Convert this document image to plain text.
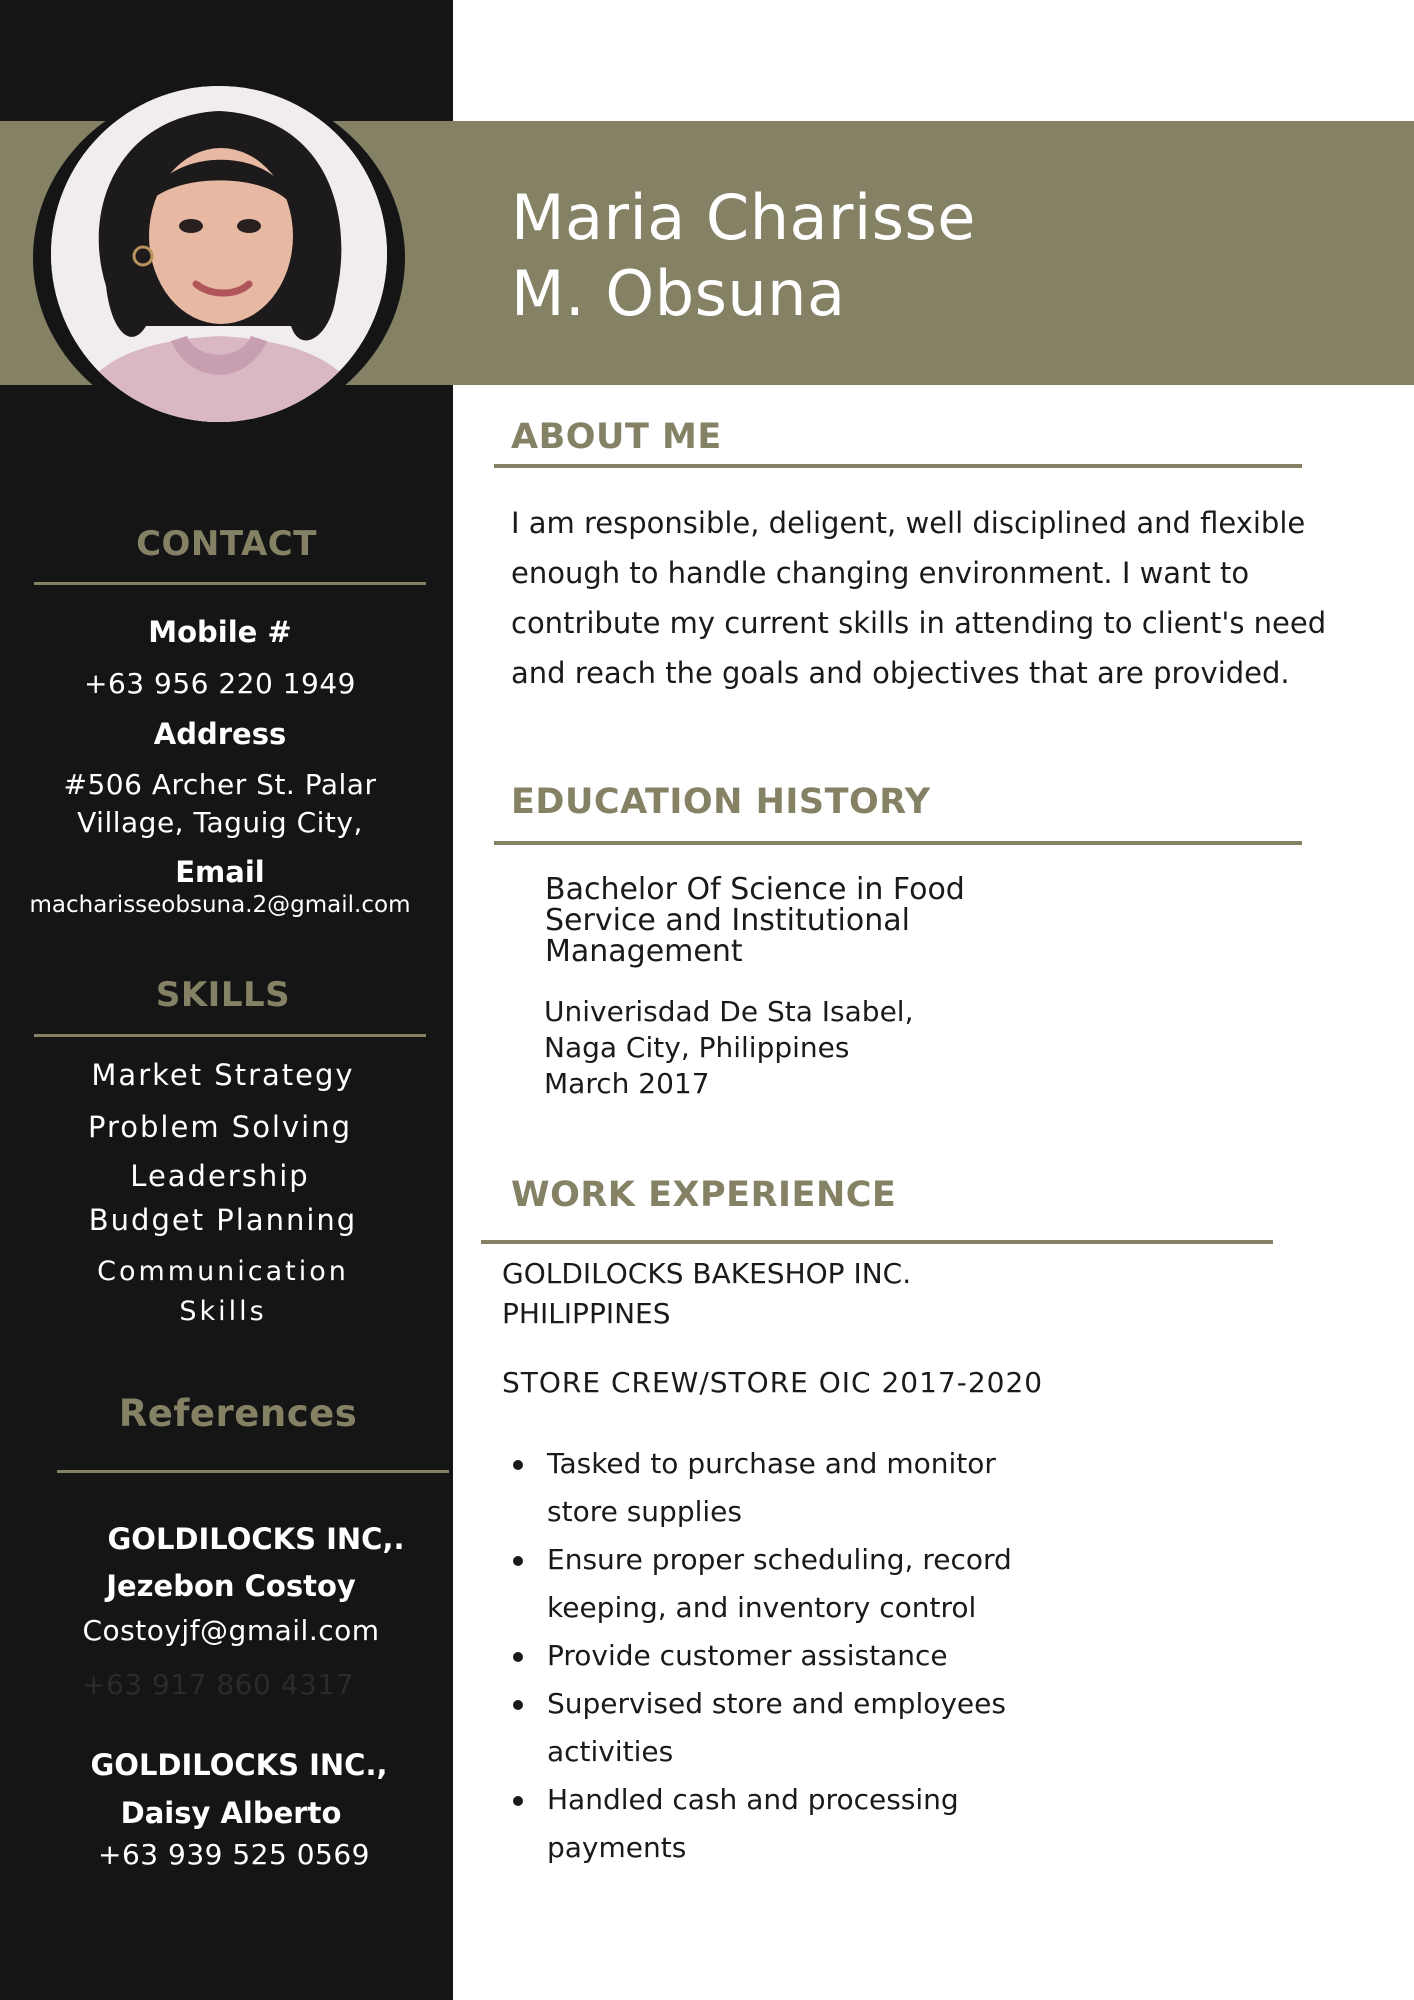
Maria Charisse
M. Obsuna
CONTACT
Mobile #
+63 956 220 1949
Address
#506 Archer St. Palar
Village, Taguig City,
Email
macharisseobsuna.2@gmail.com
SKILLS
Market Strategy
Problem Solving
Leadership
Budget Planning
Communication
Skills
References
GOLDILOCKS INC,.
Jezebon Costoy
Costoyjf@gmail.com
+63 917 860 4317
GOLDILOCKS INC.,
Daisy Alberto
+63 939 525 0569
ABOUT ME
I am responsible, deligent, well disciplined and flexible enough to handle changing environment. I want to contribute my current skills in attending to client's need and reach the goals and objectives that are provided.
EDUCATION HISTORY
Bachelor Of Science in Food Service and Institutional Management
Univerisdad De Sta Isabel,
Naga City, Philippines
March 2017
WORK EXPERIENCE
GOLDILOCKS BAKESHOP INC.
PHILIPPINES
STORE CREW/STORE OIC 2017-2020
Tasked to purchase and monitor store supplies
Ensure proper scheduling, record keeping, and inventory control
Provide customer assistance
Supervised store and employees activities
Handled cash and processing payments
